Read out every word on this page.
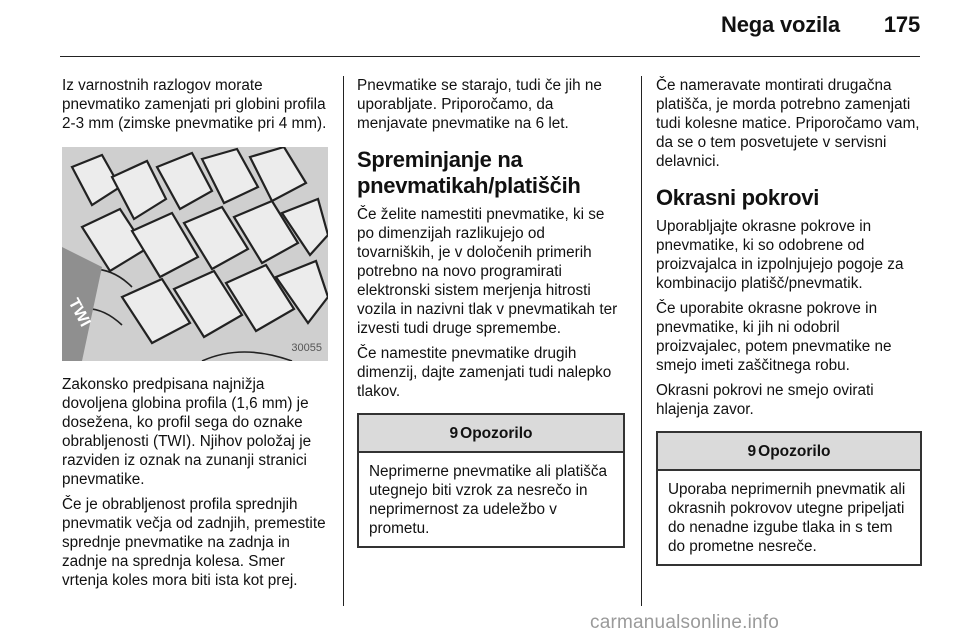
Nega vozila 175

Iz varnostnih razlogov morate pnevmatiko zamenjati pri globini profila 2-3 mm (zimske pnevmatike pri 4 mm).

TWI
30055

Zakonsko predpisana najnižja dovoljena globina profila (1,6 mm) je dosežena, ko profil sega do oznake obrabljenosti (TWI). Njihov položaj je razviden iz oznak na zunanji stranici pnevmatike.

Če je obrabljenost profila sprednjih pnevmatik večja od zadnjih, premestite sprednje pnevmatike na zadnja in zadnje na sprednja kolesa. Smer vrtenja koles mora biti ista kot prej.

Pnevmatike se starajo, tudi če jih ne uporabljate. Priporočamo, da menjavate pnevmatike na 6 let.

Spreminjanje na pnevmatikah/platiščih

Če želite namestiti pnevmatike, ki se po dimenzijah razlikujejo od tovarniških, je v določenih primerih potrebno na novo programirati elektronski sistem merjenja hitrosti vozila in nazivni tlak v pnevmatikah ter izvesti tudi druge spremembe.

Če namestite pnevmatike drugih dimenzij, dajte zamenjati tudi nalepko tlakov.

9 Opozorilo

Neprimerne pnevmatike ali platišča utegnejo biti vzrok za nesrečo in neprimernost za udeležbo v prometu.

Če nameravate montirati drugačna platišča, je morda potrebno zamenjati tudi kolesne matice. Priporočamo vam, da se o tem posvetujete v servisni delavnici.

Okrasni pokrovi

Uporabljajte okrasne pokrove in pnevmatike, ki so odobrene od proizvajalca in izpolnjujejo pogoje za kombinacijo platišč/pnevmatik.

Če uporabite okrasne pokrove in pnevmatike, ki jih ni odobril proizvajalec, potem pnevmatike ne smejo imeti zaščitnega robu.

Okrasni pokrovi ne smejo ovirati hlajenja zavor.

9 Opozorilo

Uporaba neprimernih pnevmatik ali okrasnih pokrovov utegne pripeljati do nenadne izgube tlaka in s tem do prometne nesreče.

carmanualsonline.info
